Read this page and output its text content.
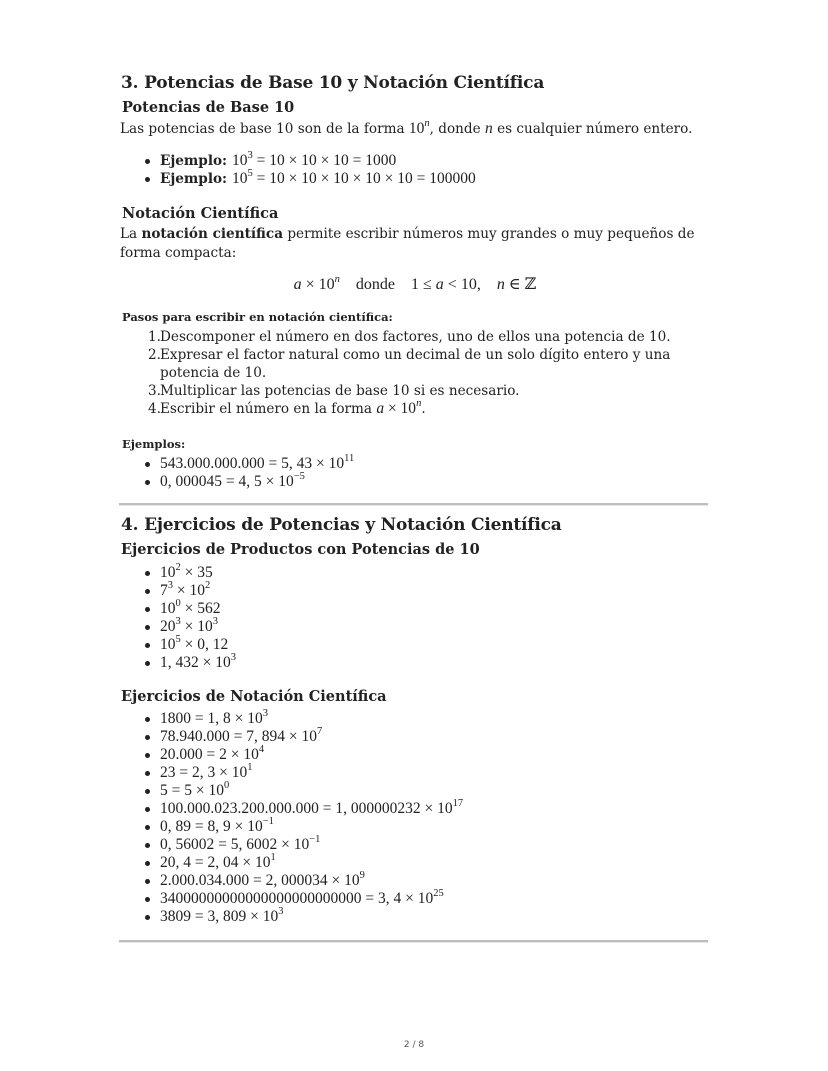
3. Potencias de Base 10 y Notación Científica
Potencias de Base 10

Las potencias de base 10 son de la forma 10$^n$, donde n es cualquier número entero.

Ejemplo: $10^3 = 10 \times 10 \times 10 = 1000$
Ejemplo: $10^5 = 10 \times 10 \times 10 \times 10 \times 10 = 100000$
Notación Científica

La notación científica permite escribir números muy grandes o muy pequeños de forma compacta:

$a \times 10^n$ donde 1 ≤ a < 10, n ∈ ℤ
Pasos para escribir en notación científica:
1. Descomponer el número en dos factores, uno de ellos una potencia de 10.
2. Expresar el factor natural como un decimal de un solo dígito entero y una potencia de 10.
3. Multiplicar las potencias de base 10 si es necesario.
4. Escribir el número en la forma $a \times 10^n$.
Ejemplos:
543.000.000.000 = 5, $43 \times 10^{11}$
0, 000045 = 4, $5 \times 10^{-5}$
4. Ejercicios de Potencias y Notación Científica
Ejercicios de Productos con Potencias de 10
$10^2 \times 35$
$7^3 \times 10^2$
$10^0 \times 562$
$20^3 \times 10^3$
$10^5 \times 0$, 12
1, $432 \times 10^3$
Ejercicios de Notación Científica
1800 = 1, $8 \times 10^3$
78.940.000 = 7, $894 \times 10^7$
$20.000 = 2 \times 10^4$
23 = 2, $3 \times 10^1$
$5 = 5 \times 10^0$
100.000.023.200.000.000 = 1, $000000232 \times 10^{17}$
0, 89 = 8, $9 \times 10^{-1}$
0, 56002 = 5, $6002 \times 10^{-1}$
20, 4 = 2, $04 \times 10^1$
2.000.034.000 = 2, $000034 \times 10^9$
34000000000000000000000000 = 3, $4 \times 10^{25}$
3809 = 3, $809 \times 10^3$
2 / 8
